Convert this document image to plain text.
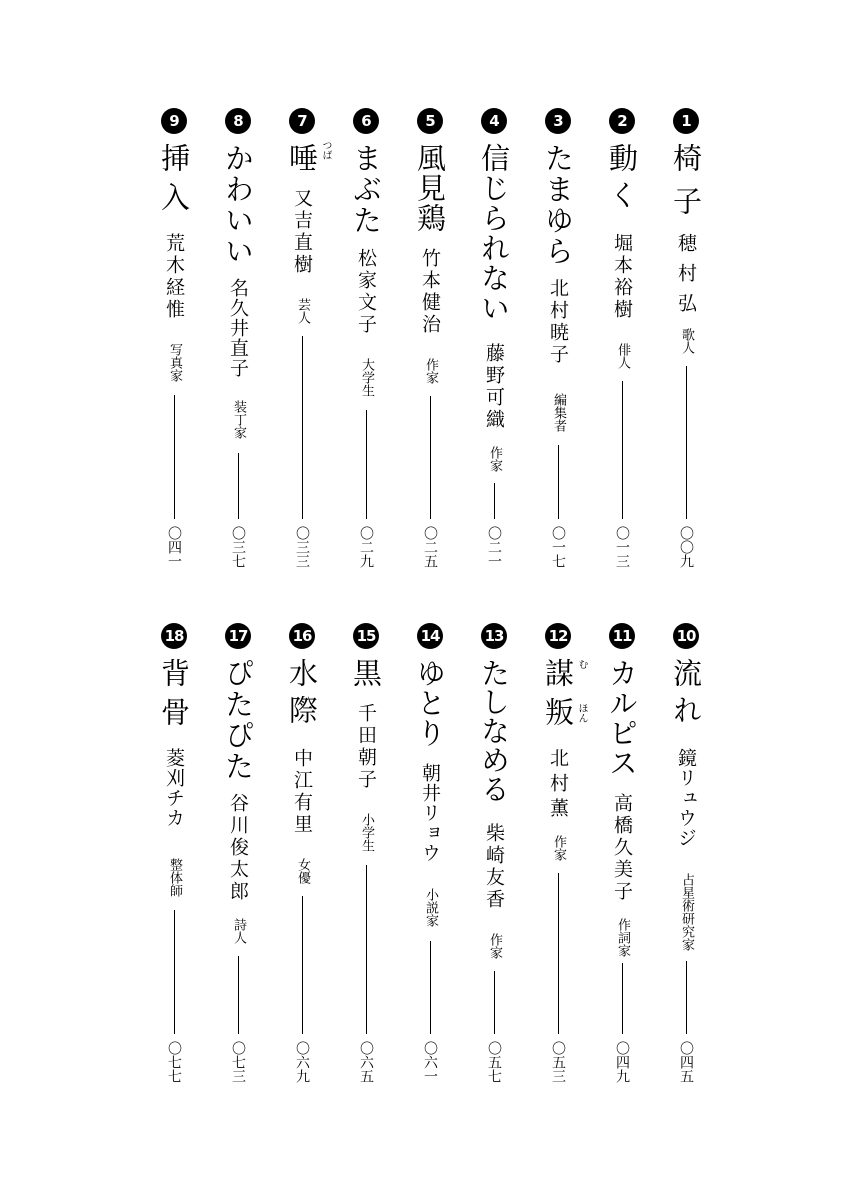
1
椅子
穂村弘
歌人
〇〇九
2
動く
堀本裕樹
俳人
〇一三
3
たまゆら
北村暁子
編集者
〇一七
4
信じられない
藤野可織
作家
〇二一
5
風見鶏
竹本健治
作家
〇二五
6
まぶた
松家文子
大学生
〇二九
7
唾 つば
又吉直樹
芸人
〇三三
8
かわいい
名久井直子
装丁家
〇三七
9
挿入
荒木経惟
写真家
〇四一
10
流れ
鏡リュウジ
占星術研究家
〇四五
11
カルピス
高橋久美子
作詞家
〇四九
12
謀叛 む
ほん
北村薫
作家
〇五三
13
たしなめる
柴崎友香
作家
〇五七
14
ゆとり
朝井リョウ
小説家
〇六一
15
黒
千田朝子
小学生
〇六五
16
水際
中江有里
女優
〇六九
17
ぴたぴた
谷川俊太郎
詩人
〇七三
18
背骨
菱刈チカ
整体師
〇七七
